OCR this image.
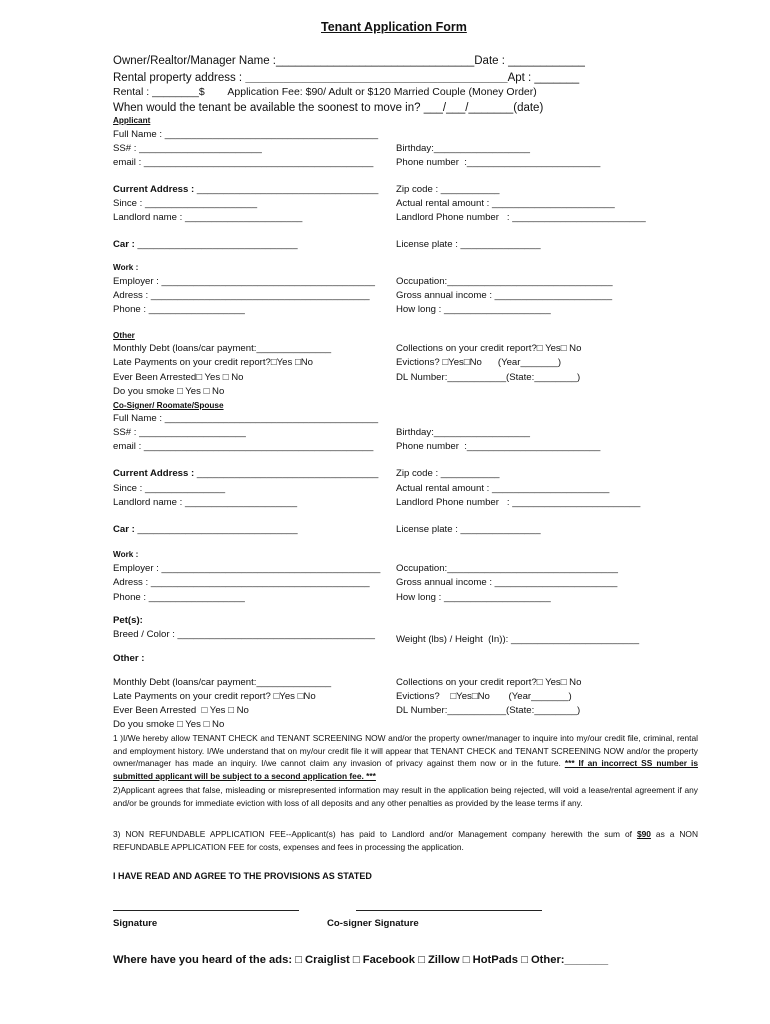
Tenant Application Form
Owner/Realtor/Manager Name :_______________________________Date : ____________
Rental property address : _________________________________________Apt : _______
Rental : ________$        Application Fee: $90/ Adult or $120 Married Couple (Money Order)
When would the tenant be available the soonest to move in? ___/___/_______(date)
Applicant
Full Name : ________________________________________
SS# : _______________________	Birthday:__________________
email : ___________________________________________ Phone number  :_________________________
Current Address : __________________________________ Zip code : ___________
Since : _____________________	Actual rental amount : _______________________
Landlord name : ______________________	Landlord Phone number   : _________________________
Car : ______________________________	License plate : _______________
Work :
Employer : ________________________________________ Occupation:_______________________________
Adress : _________________________________________	Gross annual income : ______________________
Phone : __________________	How long : ____________________
Other
Monthly Debt (loans/car payment:______________	Collections on your credit report?□ Yes□ No
Late Payments on your credit report?□Yes □No	Evictions? □Yes□No      (Year_______)
Ever Been Arrested□ Yes □ No	DL Number:___________(State:________)
Do you smoke □ Yes □ No
Co-Signer/ Roomate/Spouse
Full Name : ________________________________________
SS# : ____________________	Birthday:__________________
email : ___________________________________________ Phone number  :_________________________
Current Address : __________________________________ Zip code : ___________
Since : _______________	Actual rental amount : ______________________
Landlord name : _____________________	Landlord Phone number   : ________________________
Car : ______________________________	License plate : _______________
Work :
Employer : _________________________________________ Occupation:________________________________
Adress : _________________________________________	Gross annual income : _______________________
Phone : __________________	How long : ____________________
Pet(s):
Breed / Color : _____________________________________ Weight (lbs) / Height  (In)): ________________________
Other :
Monthly Debt (loans/car payment:______________	Collections on your credit report?□ Yes□ No
Late Payments on your credit report? □Yes □No	Evictions?    □Yes□No       (Year_______)
Ever Been Arrested  □ Yes □ No	DL Number:___________(State:________)
Do you smoke □ Yes □ No
1 )I/We hereby allow TENANT CHECK and TENANT SCREENING NOW and/or the property owner/manager to inquire into my/our credit file, criminal, rental and employment history. I/We understand that on my/our credit file it will appear that TENANT CHECK and TENANT SCREENING NOW and/or the property owner/manager has made an inquiry. I/we cannot claim any invasion of privacy against them now or in the future. *** If an incorrect SS number is submitted applicant will be subject to a second application fee. ***
2)Applicant agrees that false, misleading or misrepresented information may result in the application being rejected, will void a lease/rental agreement if any and/or be grounds for immediate eviction with loss of all deposits and any other penalties as provided by the lease terms if any.
3) NON REFUNDABLE APPLICATION FEE--Applicant(s) has paid to Landlord and/or Management company herewith the sum of $90 as a NON REFUNDABLE APPLICATION FEE for costs, expenses and fees in processing the application.
I HAVE READ AND AGREE TO THE PROVISIONS AS STATED
Signature	Co-signer Signature
Where have you heard of the ads: □ Craiglist □ Facebook □ Zillow □ HotPads □ Other:_______
